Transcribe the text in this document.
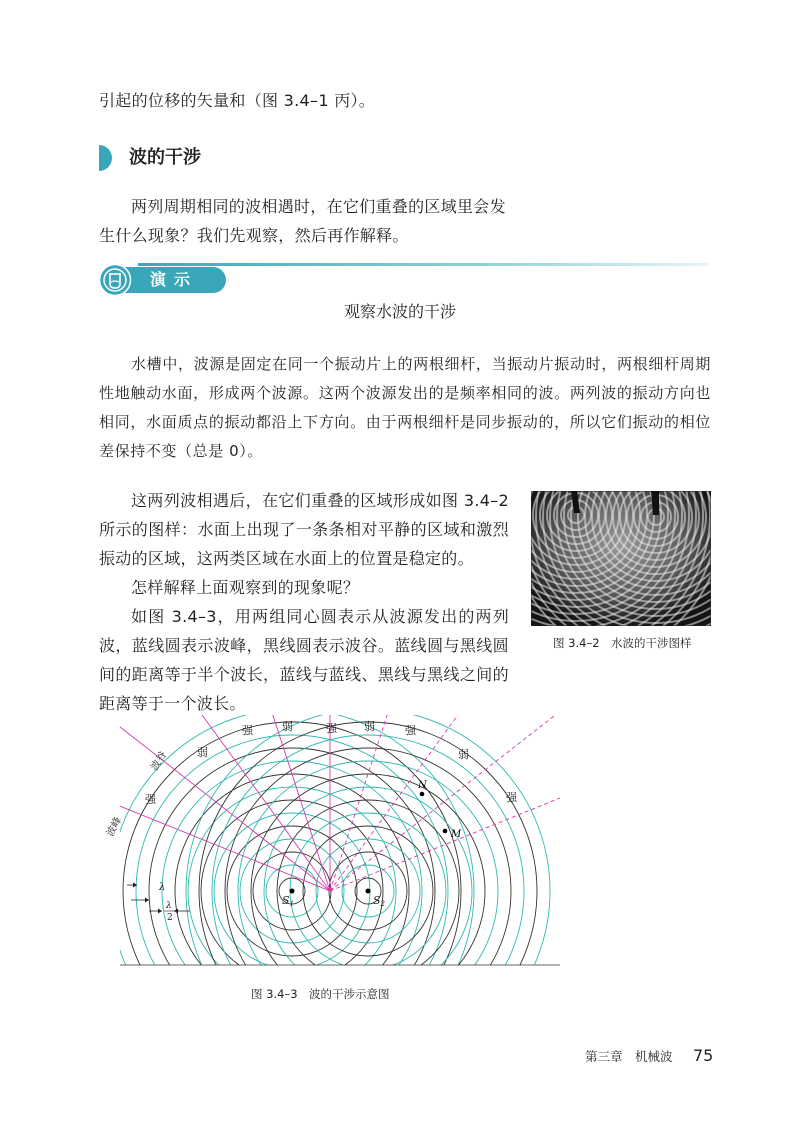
引起的位移的矢量和（图 3.4–1 丙）。
波的干涉
两列周期相同的波相遇时，在它们重叠的区域里会发生什么现象？我们先观察，然后再作解释。
演示
观察水波的干涉
水槽中，波源是固定在同一个振动片上的两根细杆，当振动片振动时，两根细杆周期性地触动水面，形成两个波源。这两个波源发出的是频率相同的波。两列波的振动方向也相同，水面质点的振动都沿上下方向。由于两根细杆是同步振动的，所以它们振动的相位差保持不变（总是 0）。
这两列波相遇后，在它们重叠的区域形成如图 3.4–2 所示的图样：水面上出现了一条条相对平静的区域和激烈振动的区域，这两类区域在水面上的位置是稳定的。
怎样解释上面观察到的现象呢？
如图 3.4–3，用两组同心圆表示从波源发出的两列波，蓝线圆表示波峰，黑线圆表示波谷。蓝线圆与黑线圆间的距离等于半个波长，蓝线与蓝线、黑线与黑线之间的距离等于一个波长。
图 3.4–2　水波的干涉图样
S1	S2
N
M
强	弱	强 弱	强
弱	弱
强	强
波谷
波峰
λ
λ
2
图 3.4–3　波的干涉示意图
第三章　机械波 75
